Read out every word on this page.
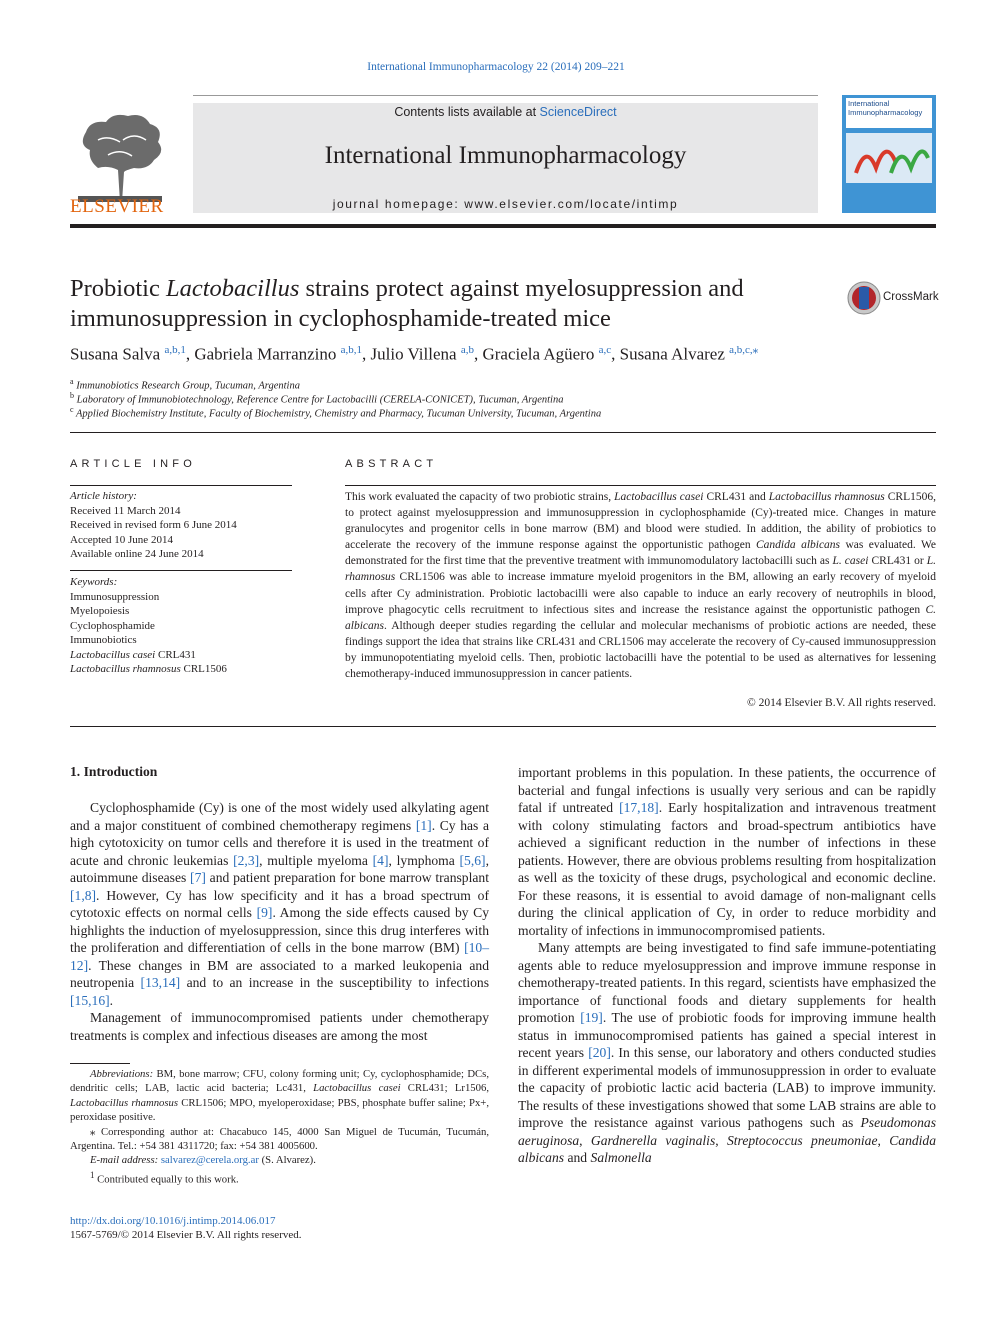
International Immunopharmacology 22 (2014) 209–221
ELSEVIER
Contents lists available at ScienceDirect
International Immunopharmacology
journal homepage: www.elsevier.com/locate/intimp
International
Immunopharmacology
Probiotic Lactobacillus strains protect against myelosuppression and immunosuppression in cyclophosphamide-treated mice
CrossMark
Susana Salva $^{a,b,1}$, Gabriela Marranzino $^{a,b,1}$, Julio Villena $^{a,b}$, Graciela Agüero $^{a,c}$, Susana Alvarez $^{a,b,c,⁎}$
$^a$ Immunobiotics Research Group, Tucuman, Argentina
$^b$ Laboratory of Immunobiotechnology, Reference Centre for Lactobacilli (CERELA-CONICET), Tucuman, Argentina
$^c$ Applied Biochemistry Institute, Faculty of Biochemistry, Chemistry and Pharmacy, Tucuman University, Tucuman, Argentina
ARTICLE INFO
Article history:
Received 11 March 2014
Received in revised form 6 June 2014
Accepted 10 June 2014
Available online 24 June 2014
Keywords:
Immunosuppression
Myelopoiesis
Cyclophosphamide
Immunobiotics
Lactobacillus casei CRL431
Lactobacillus rhamnosus CRL1506
ABSTRACT
This work evaluated the capacity of two probiotic strains, Lactobacillus casei CRL431 and Lactobacillus rhamnosus CRL1506, to protect against myelosuppression and immunosuppression in cyclophosphamide (Cy)-treated mice. Changes in mature granulocytes and progenitor cells in bone marrow (BM) and blood were studied. In addition, the ability of probiotics to accelerate the recovery of the immune response against the opportunistic pathogen Candida albicans was evaluated. We demonstrated for the first time that the preventive treatment with immunomodulatory lactobacilli such as L. casei CRL431 or L. rhamnosus CRL1506 was able to increase immature myeloid progenitors in the BM, allowing an early recovery of myeloid cells after Cy administration. Probiotic lactobacilli were also capable to induce an early recovery of neutrophils in blood, improve phagocytic cells recruitment to infectious sites and increase the resistance against the opportunistic pathogen C. albicans. Although deeper studies regarding the cellular and molecular mechanisms of probiotic actions are needed, these findings support the idea that strains like CRL431 and CRL1506 may accelerate the recovery of Cy-caused immunosuppression by immunopotentiating myeloid cells. Then, probiotic lactobacilli have the potential to be used as alternatives for lessening chemotherapy-induced immunosuppression in cancer patients.
© 2014 Elsevier B.V. All rights reserved.
1. Introduction

Cyclophosphamide (Cy) is one of the most widely used alkylating agent and a major constituent of combined chemotherapy regimens [1]. Cy has a high cytotoxicity on tumor cells and therefore it is used in the treatment of acute and chronic leukemias [2,3], multiple myeloma [4], lymphoma [5,6], autoimmune diseases [7] and patient preparation for bone marrow transplant [1,8]. However, Cy has low specificity and it has a broad spectrum of cytotoxic effects on normal cells [9]. Among the side effects caused by Cy highlights the induction of myelosuppression, since this drug interferes with the proliferation and differentiation of cells in the bone marrow (BM) [10–12]. These changes in BM are associated to a marked leukopenia and neutropenia [13,14] and to an increase in the susceptibility to infections [15,16].

Management of immunocompromised patients under chemotherapy treatments is complex and infectious diseases are among the most

important problems in this population. In these patients, the occurrence of bacterial and fungal infections is usually very serious and can be rapidly fatal if untreated [17,18]. Early hospitalization and intravenous treatment with colony stimulating factors and broad-spectrum antibiotics have achieved a significant reduction in the number of infections in these patients. However, there are obvious problems resulting from hospitalization as well as the toxicity of these drugs, psychological and economic decline. For these reasons, it is essential to avoid damage of non-malignant cells during the clinical application of Cy, in order to reduce morbidity and mortality of infections in immunocompromised patients.

Many attempts are being investigated to find safe immune-potentiating agents able to reduce myelosuppression and improve immune response in chemotherapy-treated patients. In this regard, scientists have emphasized the importance of functional foods and dietary supplements for health promotion [19]. The use of probiotic foods for improving immune health status in immunocompromised patients has gained a special interest in recent years [20]. In this sense, our laboratory and others conducted studies in different experimental models of immunosuppression in order to evaluate the capacity of probiotic lactic acid bacteria (LAB) to improve immunity. The results of these investigations showed that some LAB strains are able to improve the resistance against various pathogens such as Pseudomonas aeruginosa, Gardnerella vaginalis, Streptococcus pneumoniae, Candida albicans and Salmonella

Abbreviations: BM, bone marrow; CFU, colony forming unit; Cy, cyclophosphamide; DCs, dendritic cells; LAB, lactic acid bacteria; Lc431, Lactobacillus casei CRL431; Lr1506, Lactobacillus rhamnosus CRL1506; MPO, myeloperoxidase; PBS, phosphate buffer saline; Px+, peroxidase positive.

⁎ Corresponding author at: Chacabuco 145, 4000 San Miguel de Tucumán, Tucumán, Argentina. Tel.: +54 381 4311720; fax: +54 381 4005600.

E-mail address: salvarez@cerela.org.ar (S. Alvarez).

$^1$ Contributed equally to this work.

http://dx.doi.org/10.1016/j.intimp.2014.06.017
1567-5769/© 2014 Elsevier B.V. All rights reserved.
